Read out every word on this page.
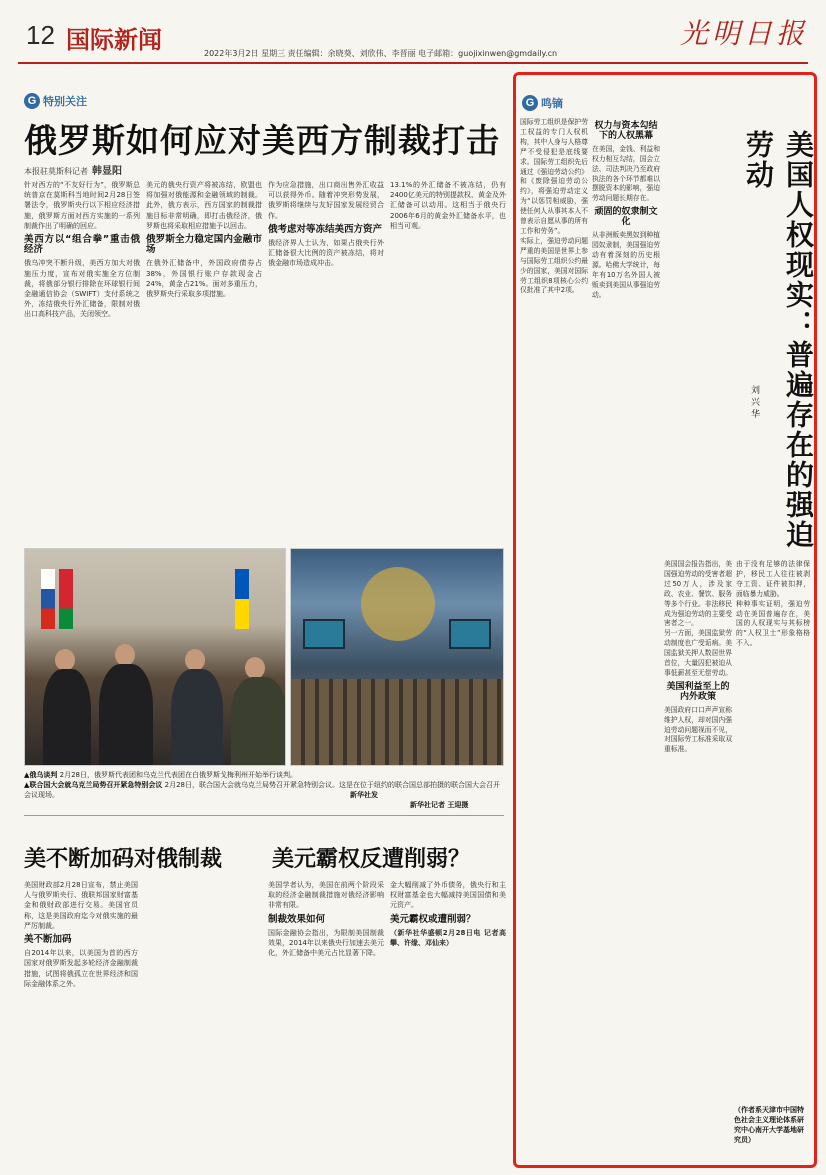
12 国际新闻	2022年3月2日 星期三 责任编辑：余晓葵、刘欣伟、李晋丽 电子邮箱：guojixinwen@gmdaily.cn
光明日报
G 特别关注
俄罗斯如何应对美西方制裁打击
本报驻莫斯科记者 韩显阳
针对西方的“不友好行为”，俄罗斯总统普京在莫斯科当地时间2月28日签署法令，俄罗斯央行以下相应经济措施，俄罗斯方面对西方实施的一系列制裁作出了明确的回应。
美西方以“组合拳”重击俄经济
俄乌冲突不断升级，美西方加大对俄施压力度，宣布对俄实施全方位制裁，将俄部分银行排除在环球银行间金融通信协会（SWIFT）支付系统之外，冻结俄央行外汇储备，限制对俄出口高科技产品，关闭领空。
美元的俄央行资产将被冻结，欧盟也将加强对俄能源和金融领域的制裁。此外，俄方表示，西方国家的制裁措施目标非常明确，即打击俄经济，俄罗斯也将采取相应措施予以回击。
俄罗斯全力稳定国内金融市场
在俄外汇储备中，外国政府债券占38%，外国银行账户存款现金占24%，黄金占21%。面对多重压力，俄罗斯央行采取多项措施。
作为应急措施，出口商出售外汇收益可以获得外币。随着冲突形势发展，俄罗斯将继续与友好国家发展经贸合作。
俄考虑对等冻结美西方资产
俄经济界人士认为，如果占俄央行外汇储备很大比例的资产被冻结，将对俄金融市场造成冲击。
13.1%的外汇储备不被冻结，仍有2400亿美元的特别提款权、黄金及外汇储备可以动用。这相当于俄央行2006年6月的黄金外汇储备水平，也相当可观。
▲俄乌谈判 2月28日，俄罗斯代表团和乌克兰代表团在白俄罗斯戈梅利州开始举行谈判。
▲联合国大会就乌克兰局势召开紧急特别会议 2月28日，联合国大会就乌克兰局势召开紧急特别会议。这是在位于纽约的联合国总部拍摄的联合国大会召开会议现场。	新华社发
新华社记者 王迎摄
美不断加码对俄制裁
美国财政部2月28日宣布，禁止美国人与俄罗斯央行、俄联邦国家财富基金和俄财政部进行交易。美国官员称，这是美国政府迄今对俄实施的最严厉制裁。
美不断加码
自2014年以来，以美国为首的西方国家对俄罗斯发起多轮经济金融制裁措施，试图将俄孤立在世界经济和国际金融体系之外。
美元霸权反遭削弱？
美国学者认为，美国在前两个阶段采取的经济金融制裁措施对俄经济影响非常有限。
制裁效果如何
国际金融协会指出，为限制美国制裁效果，2014年以来俄央行加速去美元化，外汇储备中美元占比显著下降。
金大幅削减了外币债务，俄央行和主权财富基金也大幅减持美国国债和美元资产。
美元霸权或遭削弱？
（新华社华盛顿2月28日电 记者高攀、许缘、邓仙来）
G 鸣镝
美国人权现实：普遍存在的强迫劳动
刘兴华
国际劳工组织是保护劳工权益的专门人权机构，其中人身与人格尊严不受侵犯是底线要求。国际劳工组织先后通过《强迫劳动公约》和《废除强迫劳动公约》，将强迫劳动定义为“以惩罚相威胁，强使任何人从事其本人不曾表示自愿从事的所有工作和劳务”。
实际上，强迫劳动问题严重的美国是世界上参与国际劳工组织公约最少的国家，美国对国际劳工组织8项核心公约仅批准了其中2项。
权力与资本勾结下的人权黑幕
在美国，金钱、利益和权力相互勾结，国会立法、司法判决乃至政府执法的各个环节都难以摆脱资本的影响，强迫劳动问题长期存在。
顽固的奴隶制文化
从非洲贩卖黑奴到种植园奴隶制，美国强迫劳动有着深刻的历史根源。哈佛大学统计，每年有10万名外国人被贩卖到美国从事强迫劳动。
美国国会报告指出，美国强迫劳动的受害者超过50万人，涉及家政、农业、餐饮、服务等多个行业。非法移民成为强迫劳动的主要受害者之一。
另一方面，美国监狱劳动制度也广受诟病。美国监狱关押人数居世界首位，大量囚犯被迫从事低薪甚至无偿劳动。
美国利益至上的内外政策
美国政府口口声声宣称维护人权，却对国内强迫劳动问题视而不见，对国际劳工标准采取双重标准。
由于没有足够的法律保护，移民工人往往被剥夺工资、证件被扣押，面临暴力威胁。
种种事实证明，强迫劳动在美国普遍存在，美国的人权现实与其标榜的“人权卫士”形象格格不入。
（作者系天津市中国特色社会主义理论体系研究中心南开大学基地研究员）
